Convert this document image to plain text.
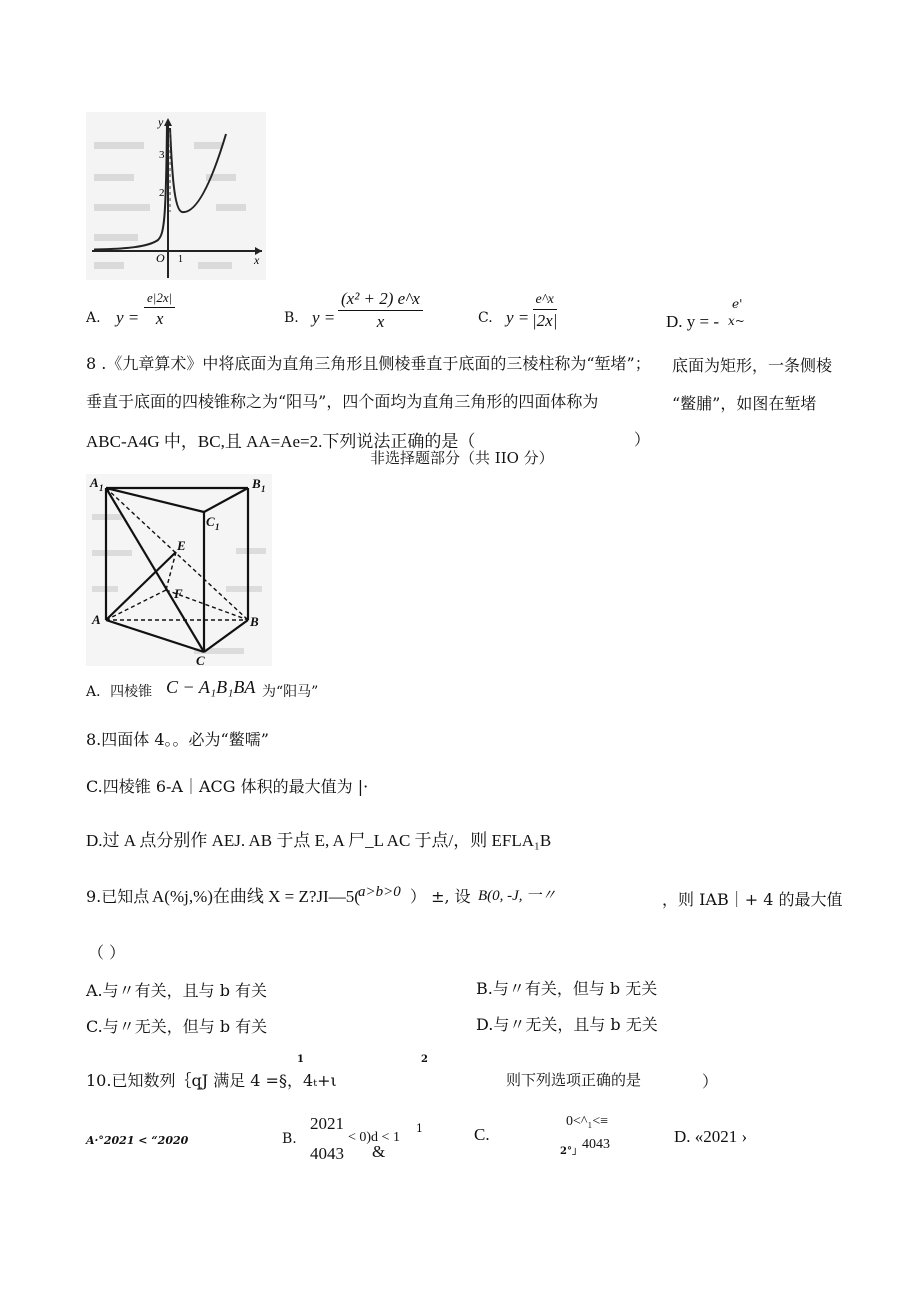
y
x
O
3
2
1
A. y =
e|2x|
x	B. $y = \frac{\text{(x² + 2) e\textasciicircum{}x}}{x}$	C. y =
e^x
|2x|	D. y = -
e'
x~
8 .《九章算术》中将底面为直角三角形且侧棱垂直于底面的三棱柱称为“堑堵”； 底面为矩形，一条侧棱
垂直于底面的四棱锥称之为“阳马”，四个面均为直角三角形的四面体称为	“鳖脯”，如图在堑堵
ABC-A4G 中，BC,且 AA=Ae=2.下列说法正确的是（	）
非选择题部分（共 IIO 分）
A 1	B 1
C 1
E
F
A	B
C
A．四棱锥 C − A₁B₁BA 为“阳马”
8.四面体 4。。必为“鳖嚅”
C.四棱锥 6-A｜ACG 体积的最大值为 |·
D.过 A 点分别作 AEJ. AB 于点 E, A 尸_L AC 于点/，则 EFLA₁B
9.已知点 A(%j,%)在曲线 X = Z?JI—5(
a>b>0 ） ±, 设 B(0, -J, 一〃	，则 IAB｜+ 4 的最大值
（ ）
A.与〃有关，且与 b 有关	B.与〃有关，但与 b 无关
C.与〃无关，但与 b 有关	D.与〃无关，且与 b 无关
1	2
10.已知数列｛qJ 满足 4 =§，4ₜ+ι	则下列选项正确的是	）
A·°2021 < “2020	B.
2021
4043
< 0)d < 1
1
&
C.
0<^₁<≡
2°」 4043	D. «2021 ›
